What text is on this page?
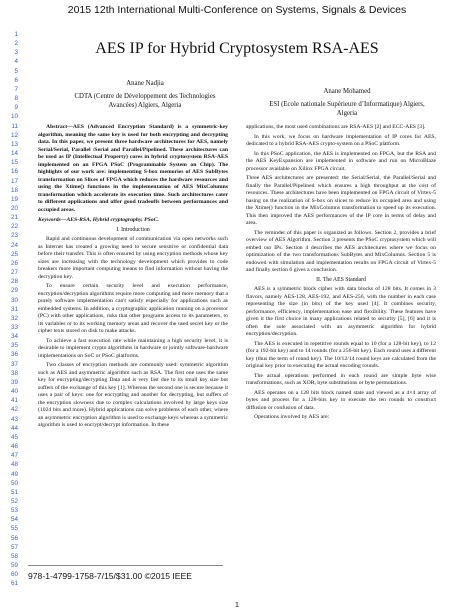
2015 12th International Multi-Conference on Systems, Signals & Devices
1
2
3
4
5
6
7
8
9
10
11
12
13
14
15
16
17
18
19
20
21
22
23
24
25
26
27
28
29
30
31
32
33
34
35
36
37
38
39
40
41
42
43
44
45
46
47
48
49
50
51
52
53
54
55
56
57
58
59
60
61
AES IP for Hybrid Cryptosystem RSA-AES
Anane Nadjia
CDTA (Centre de Développement des Technologies Avancées) Algiers, Algeria
Anane Mohamed
ESI (Ecole nationale Supérieure d’Informatique) Algiers, Algeria

Abstract—AES (Advanced Encryption Standard) is a symmetric-key algorithm, meaning the same key is used for both encrypting and decrypting data. In this paper, we present three hardware architectures for AES, namely Serial/Serial, Parallel /Serial and Parallel/Pipelined. These architectures can be used as IP (Intellectual Property) cores in hybrid cryptosystem RSA-AES implemented on an FPGA PSoC (Programmable System on Chip). The highlights of our work are: implementing S-box memories of AES SubBytes transformation on Slices of FPGA which reduces the hardware resources and using the Xtime() functions in the implementation of AES MixColumns transformation which accelerate its execution time. Such architectures cater to different applications and offer good tradeoffs between performances and occupied areas.

Keywords—AES-RSA, Hybrid cryptography, PSoC.

I. Introduction

Rapid and continuous development of communication via open networks such as Internet has created a growing need to secure sensitive or confidential data before their transfer. This is often ensured by using encryption methods whose key sizes are increasing with the technology development which provides to code breakers more important computing means to find information without having the decryption key.

To ensure certain security level and execution performance, encryption/decryption algorithms require more computing and more memory that a purely software implementation can't satisfy especially for applications such as embedded systems. In addition, a cryptographic application running on a processor (PC) with other applications, risks that other programs access to its parameters, to its variables or to its working memory areas and recover the used secret key or the cipher texts stored on disk to make attacks.

To achieve a fast execution rate while maintaining a high security level, it is desirable to implement crypto algorithms in hardware or jointly software-hardware implementations on SoC or PSoC platforms.

Two classes of encryption methods are commonly used: symmetric algorithm such as AES and asymmetric algorithm such as RSA. The first one uses the same key for encrypting/decrypting Data and is very fast due to its small key size but suffers of the exchange of this key [1]. Whereas the second one is secure because it uses a pair of keys: one for encrypting and another for decrypting, but suffers of the encryption slowness due to complex calculations involved by large keys size (1024 bits and more). Hybrid applications can solve problems of each other, where an asymmetric encryption algorithm is used to exchange keys whereas a symmetric algorithm is used to encrypt/decrypt information. In these

applications, the most used combinations are RSA-AES [2] and ECC-AES [3].

In this work, we focus on hardware implementation of IP cores for AES, dedicated to a hybrid RSA-AES crypto-system on a PSoC platform.

In this PSoC application, the AES is implemented on FPGA, but the RSA and the AES KeyExpansion are implemented in software and run on MicroBlaze processor available on Xilinx FPGA circuit.

Three AES architectures are presented: the Serial/Serial, the Parallel/Serial and finally the Parallel/Pipelined which ensures a high throughput at the cost of resources. These architectures have been implemented on FPGA circuit of Virtex-5 basing on the realization of S-box on slices to reduce its occupied area and using the Xtime() function in the MixColumns transformation to speed up its execution. This then improved the AES performances of the IP core in terms of delay and area.

The reminder of this paper is organized as follows. Section 2, provides a brief overview of AES Algorithm. Section 3 presents the PSoC cryptosystem which will embed our IPs. Section 4 describes the AES architectures where we focus on optimization of the two transformations SubBytes and MixColumns. Section 5 is endowed with simulation and implementation results on FPGA circuit of Virtex-5 and finally section 6 gives a conclusion.

II. The AES Standard

AES is a symmetric block cipher with data blocks of 128 bits. It comes in 3 flavors, namely AES-128, AES-192, and AES-256, with the number in each case representing the size (in bits) of the key used [4]. It combines security, performance, efficiency, implementation ease and flexibility. These features have given it the first choice in many applications related to security [5], [6] and it is often the sole associated with an asymmetric algorithm for hybrid encryption/decryption.

The AES is executed in repetitive rounds equal to 10 (for a 128-bit key), to 12 (for a 192-bit key) and to 14 rounds (for a 256-bit key). Each round uses a different key (thus the term of round key). The 10/12/14 round keys are calculated from the original key prior to executing the actual encoding rounds.

The actual operations performed in each round are simple byte wise transformations, such as XOR, byte substitutions or byte permutations.

AES operates on a 128 bits block named state and viewed as a 4×4 array of bytes and process for a 128-bits key to execute the ten rounds to construct diffusion or confusion of data.

Operations involved by AES are:

978-1-4799-1758-7/15/$31.00 ©2015 IEEE
1
